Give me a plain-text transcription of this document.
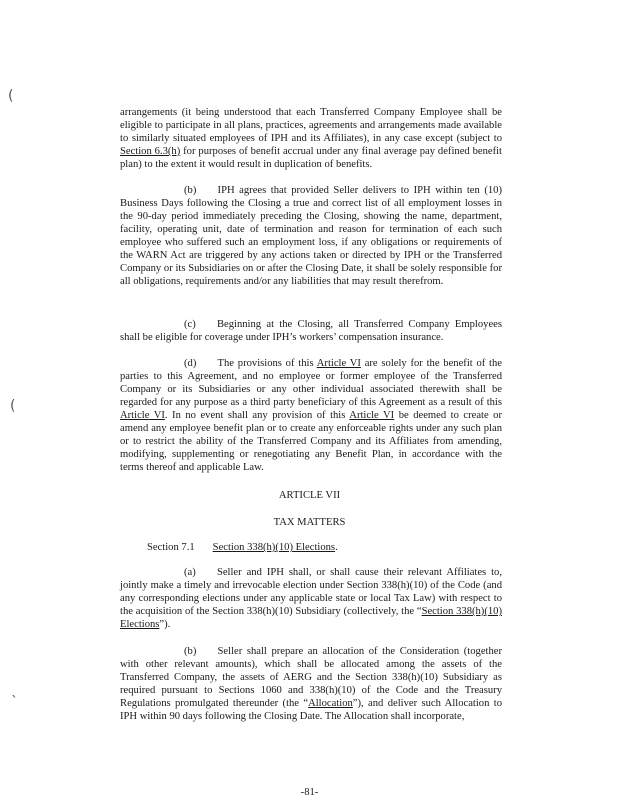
(
(
ˎ

arrangements (it being understood that each Transferred Company Employee shall be eligible to participate in all plans, practices, agreements and arrangements made available to similarly situated employees of IPH and its Affiliates), in any case except (subject to Section 6.3(h) for purposes of benefit accrual under any final average pay defined benefit plan) to the extent it would result in duplication of benefits.

(b)  IPH agrees that provided Seller delivers to IPH within ten (10) Business Days following the Closing a true and correct list of all employment losses in the 90-day period immediately preceding the Closing, showing the name, department, facility, operating unit, date of termination and reason for termination of each such employee who suffered such an employment loss, if any obligations or requirements of the WARN Act are triggered by any actions taken or directed by IPH or the Transferred Company or its Subsidiaries on or after the Closing Date, it shall be solely responsible for all obligations, requirements and/or any liabilities that may result therefrom.

(c)  Beginning at the Closing, all Transferred Company Employees shall be eligible for coverage under IPH’s workers’ compensation insurance.

(d)  The provisions of this Article VI are solely for the benefit of the parties to this Agreement, and no employee or former employee of the Transferred Company or its Subsidiaries or any other individual associated therewith shall be regarded for any purpose as a third party beneficiary of this Agreement as a result of this Article VI. In no event shall any provision of this Article VI be deemed to create or amend any employee benefit plan or to create any enforceable rights under any such plan or to restrict the ability of the Transferred Company and its Affiliates from amending, modifying, supplementing or renegotiating any Benefit Plan, in accordance with the terms thereof and applicable Law.

ARTICLE VII
TAX MATTERS
Section 7.1 Section 338(h)(10) Elections.

(a)  Seller and IPH shall, or shall cause their relevant Affiliates to, jointly make a timely and irrevocable election under Section 338(h)(10) of the Code (and any corresponding elections under any applicable state or local Tax Law) with respect to the acquisition of the Section 338(h)(10) Subsidiary (collectively, the “Section 338(h)(10) Elections”).

(b)  Seller shall prepare an allocation of the Consideration (together with other relevant amounts), which shall be allocated among the assets of the Transferred Company, the assets of AERG and the Section 338(h)(10) Subsidiary as required pursuant to Sections 1060 and 338(h)(10) of the Code and the Treasury Regulations promulgated thereunder (the “Allocation”), and deliver such Allocation to IPH within 90 days following the Closing Date. The Allocation shall incorporate,

-81-
